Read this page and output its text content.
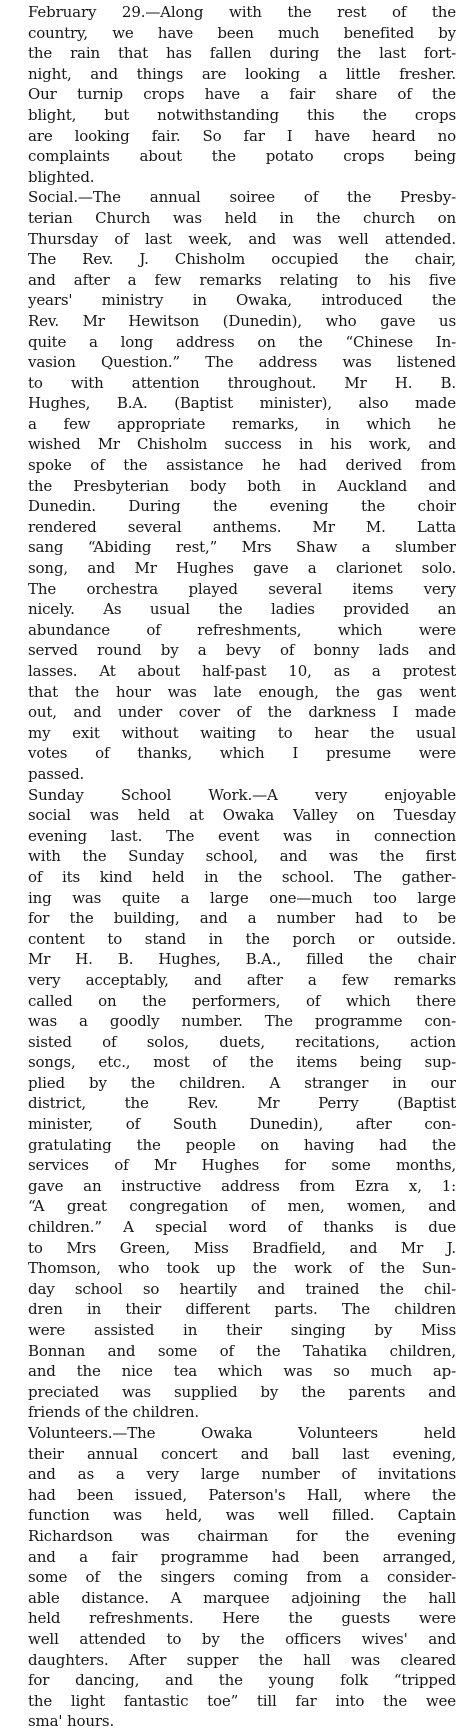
February 29.—Along with the rest of the
country, we have been much benefited by
the rain that has fallen during the last fort-
night, and things are looking a little fresher.
Our turnip crops have a fair share of the
blight, but notwithstanding this the crops
are looking fair. So far I have heard no
complaints about the potato crops being
blighted.
Social.—The annual soiree of the Presby-
terian Church was held in the church on
Thursday of last week, and was well attended.
The Rev. J. Chisholm occupied the chair,
and after a few remarks relating to his five
years' ministry in Owaka, introduced the
Rev. Mr Hewitson (Dunedin), who gave us
quite a long address on the “Chinese In-
vasion Question.” The address was listened
to with attention throughout. Mr H. B.
Hughes, B.A. (Baptist minister), also made
a few appropriate remarks, in which he
wished Mr Chisholm success in his work, and
spoke of the assistance he had derived from
the Presbyterian body both in Auckland and
Dunedin. During the evening the choir
rendered several anthems. Mr M. Latta
sang “Abiding rest,” Mrs Shaw a slumber
song, and Mr Hughes gave a clarionet solo.
The orchestra played several items very
nicely. As usual the ladies provided an
abundance of refreshments, which were
served round by a bevy of bonny lads and
lasses. At about half-past 10, as a protest
that the hour was late enough, the gas went
out, and under cover of the darkness I made
my exit without waiting to hear the usual
votes of thanks, which I presume were
passed.
Sunday School Work.—A very enjoyable
social was held at Owaka Valley on Tuesday
evening last. The event was in connection
with the Sunday school, and was the first
of its kind held in the school. The gather-
ing was quite a large one—much too large
for the building, and a number had to be
content to stand in the porch or outside.
Mr H. B. Hughes, B.A., filled the chair
very acceptably, and after a few remarks
called on the performers, of which there
was a goodly number. The programme con-
sisted of solos, duets, recitations, action
songs, etc., most of the items being sup-
plied by the children. A stranger in our
district, the Rev. Mr Perry (Baptist
minister, of South Dunedin), after con-
gratulating the people on having had the
services of Mr Hughes for some months,
gave an instructive address from Ezra x, 1:
“A great congregation of men, women, and
children.” A special word of thanks is due
to Mrs Green, Miss Bradfield, and Mr J.
Thomson, who took up the work of the Sun-
day school so heartily and trained the chil-
dren in their different parts. The children
were assisted in their singing by Miss
Bonnan and some of the Tahatika children,
and the nice tea which was so much ap-
preciated was supplied by the parents and
friends of the children.
Volunteers.—The Owaka Volunteers held
their annual concert and ball last evening,
and as a very large number of invitations
had been issued, Paterson's Hall, where the
function was held, was well filled. Captain
Richardson was chairman for the evening
and a fair programme had been arranged,
some of the singers coming from a consider-
able distance. A marquee adjoining the hall
held refreshments. Here the guests were
well attended to by the officers wives' and
daughters. After supper the hall was cleared
for dancing, and the young folk “tripped
the light fantastic toe” till far into the wee
sma' hours.
